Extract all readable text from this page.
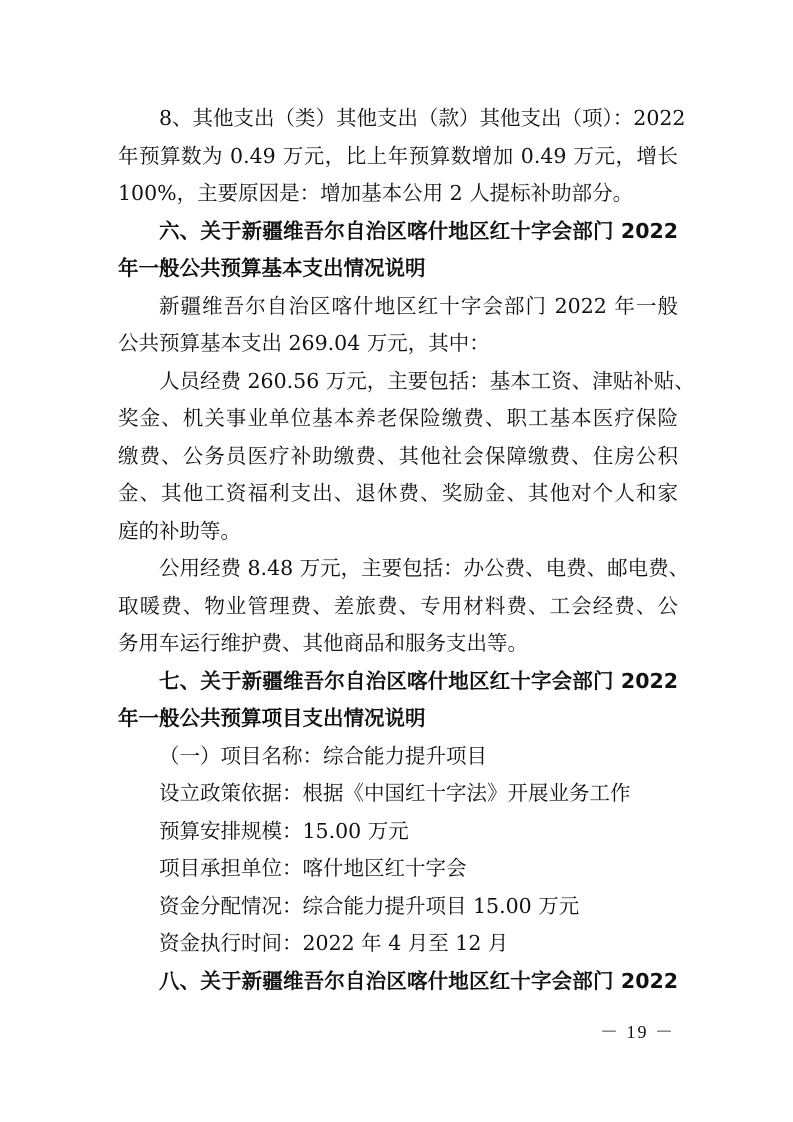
8、其他支出（类）其他支出（款）其他支出（项）：2022
年预算数为 0.49 万元，比上年预算数增加 0.49 万元，增长
100%，主要原因是：增加基本公用 2 人提标补助部分。
六、关于新疆维吾尔自治区喀什地区红十字会部门 2022
年一般公共预算基本支出情况说明
新疆维吾尔自治区喀什地区红十字会部门 2022 年一般
公共预算基本支出 269.04 万元，其中：
人员经费 260.56 万元，主要包括：基本工资、津贴补贴、
奖金、机关事业单位基本养老保险缴费、职工基本医疗保险
缴费、公务员医疗补助缴费、其他社会保障缴费、住房公积
金、其他工资福利支出、退休费、奖励金、其他对个人和家
庭的补助等。
公用经费 8.48 万元，主要包括：办公费、电费、邮电费、
取暖费、物业管理费、差旅费、专用材料费、工会经费、公
务用车运行维护费、其他商品和服务支出等。
七、关于新疆维吾尔自治区喀什地区红十字会部门 2022
年一般公共预算项目支出情况说明
（一）项目名称：综合能力提升项目
设立政策依据：根据《中国红十字法》开展业务工作
预算安排规模：15.00 万元
项目承担单位：喀什地区红十字会
资金分配情况：综合能力提升项目 15.00 万元
资金执行时间：2022 年 4 月至 12 月
八、关于新疆维吾尔自治区喀什地区红十字会部门 2022
－ 19 －
